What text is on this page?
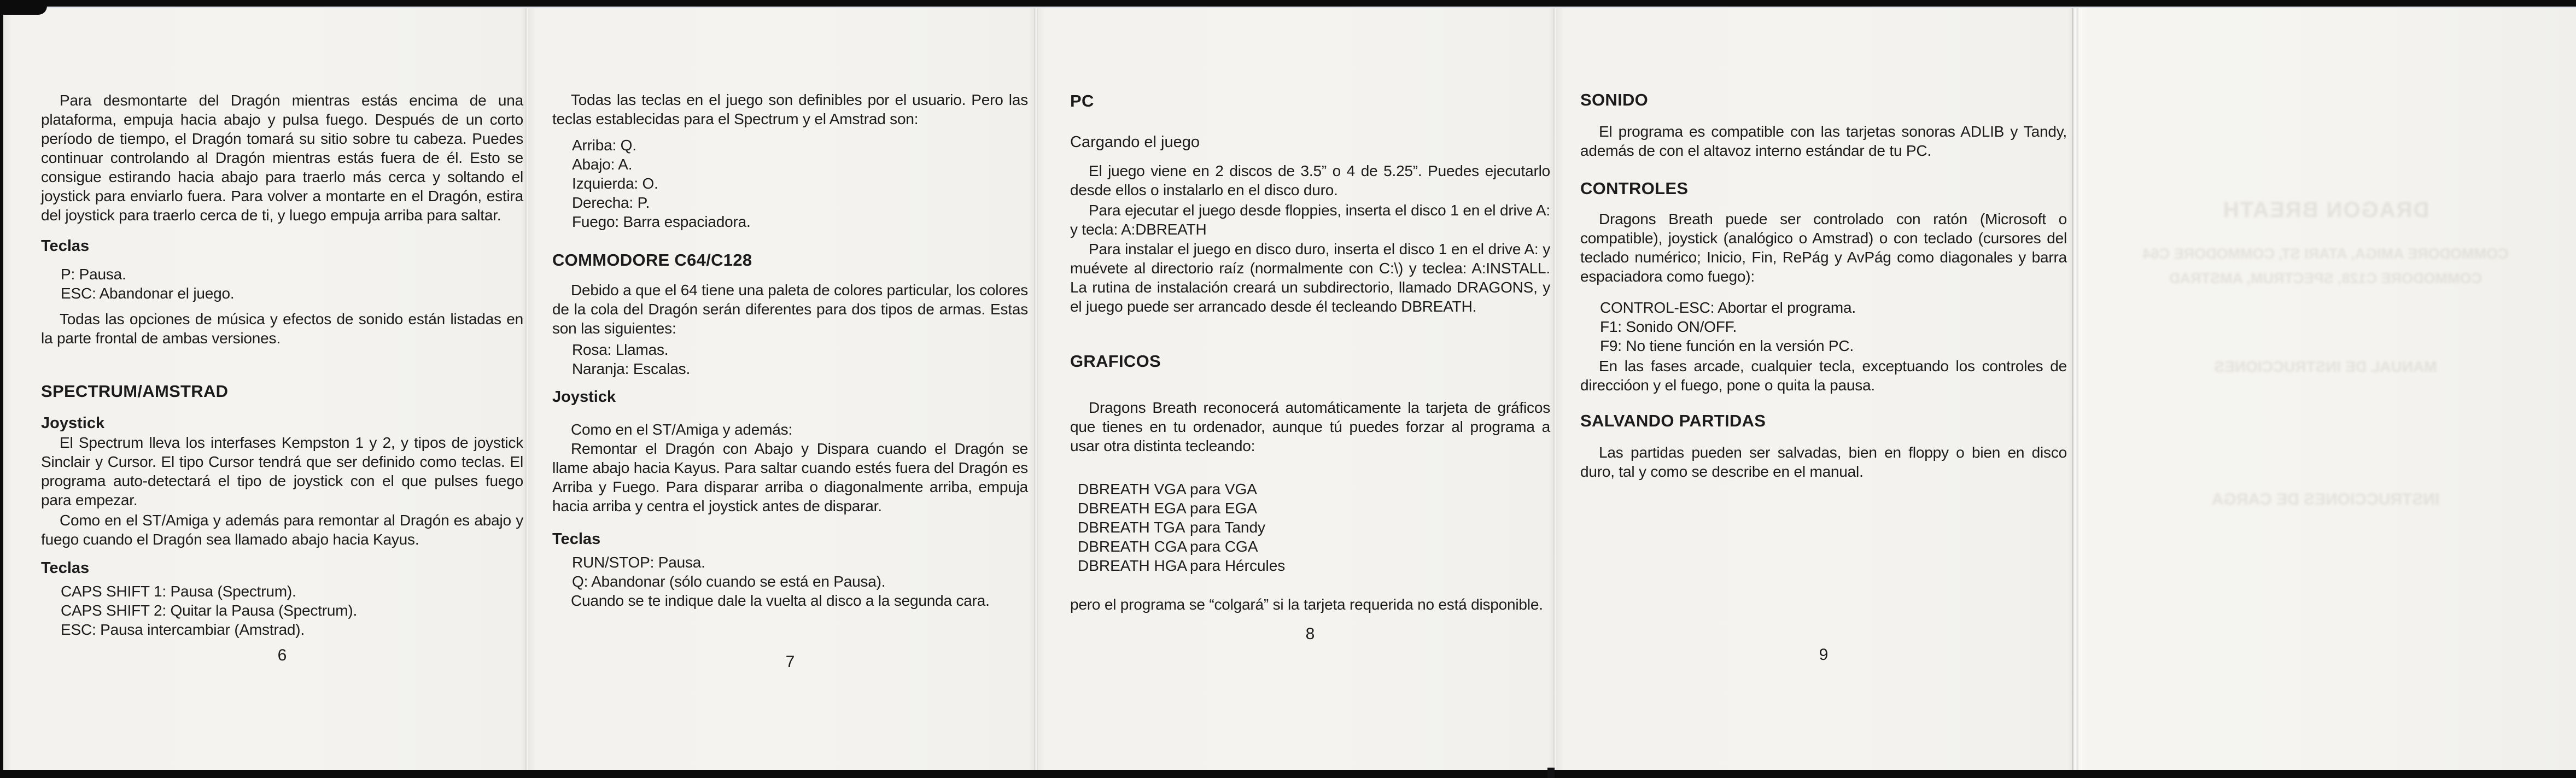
Para desmontarte del Dragón mientras estás encima de una plataforma, empuja hacia abajo y pulsa fuego. Después de un corto período de tiempo, el Dragón tomará su sitio sobre tu cabeza. Puedes continuar controlando al Dragón mientras estás fuera de él. Esto se consigue estirando hacia abajo para traerlo más cerca y soltando el joystick para enviarlo fuera. Para volver a montarte en el Dragón, estira del joystick para traerlo cerca de ti, y luego empuja arriba para saltar.

Teclas
P: Pausa.
ESC: Abandonar el juego.

Todas las opciones de música y efectos de sonido están listadas en la parte frontal de ambas versiones.

SPECTRUM/AMSTRAD
Joystick

El Spectrum lleva los interfases Kempston 1 y 2, y tipos de joystick Sinclair y Cursor. El tipo Cursor tendrá que ser definido como teclas. El programa auto-detectará el tipo de joystick con el que pulses fuego para empezar.

Como en el ST/Amiga y además para remontar al Dragón es abajo y fuego cuando el Dragón sea llamado abajo hacia Kayus.

Teclas
CAPS SHIFT 1: Pausa (Spectrum).
CAPS SHIFT 2: Quitar la Pausa (Spectrum).
ESC: Pausa intercambiar (Amstrad).
6

Todas las teclas en el juego son definibles por el usuario. Pero las teclas establecidas para el Spectrum y el Amstrad son:

Arriba: Q.
Abajo: A.
Izquierda: O.
Derecha: P.
Fuego: Barra espaciadora.
COMMODORE C64/C128

Debido a que el 64 tiene una paleta de colores particular, los colores de la cola del Dragón serán diferentes para dos tipos de armas. Estas son las siguientes:

Rosa: Llamas.
Naranja: Escalas.
Joystick

Como en el ST/Amiga y además:

Remontar el Dragón con Abajo y Dispara cuando el Dragón se llame abajo hacia Kayus. Para saltar cuando estés fuera del Dragón es Arriba y Fuego. Para disparar arriba o diagonalmente arriba, empuja hacia arriba y centra el joystick antes de disparar.

Teclas
RUN/STOP: Pausa.
Q: Abandonar (sólo cuando se está en Pausa).

Cuando se te indique dale la vuelta al disco a la segunda cara.

7
PC
Cargando el juego

El juego viene en 2 discos de 3.5” o 4 de 5.25”. Puedes ejecutarlo desde ellos o instalarlo en el disco duro.

Para ejecutar el juego desde floppies, inserta el disco 1 en el drive A: y tecla: A:DBREATH

Para instalar el juego en disco duro, inserta el disco 1 en el drive A: y muévete al directorio raíz (normalmente con C:\) y teclea: A:INSTALL. La rutina de instalación creará un subdirectorio, llamado DRAGONS, y el juego puede ser arrancado desde él tecleando DBREATH.

GRAFICOS

Dragons Breath reconocerá automáticamente la tarjeta de gráficos que tienes en tu ordenador, aunque tú puedes forzar al programa a usar otra distinta tecleando:

DBREATH VGA para VGA
DBREATH EGA para EGA
DBREATH TGA para Tandy
DBREATH CGA para CGA
DBREATH HGA para Hércules

pero el programa se “colgará” si la tarjeta requerida no está disponible.

8
SONIDO

El programa es compatible con las tarjetas sonoras ADLIB y Tandy, además de con el altavoz interno estándar de tu PC.

CONTROLES

Dragons Breath puede ser controlado con ratón (Microsoft o compatible), joystick (analógico o Amstrad) o con teclado (cursores del teclado numérico; Inicio, Fin, RePág y AvPág como diagonales y barra espaciadora como fuego):

CONTROL-ESC: Abortar el programa.
F1: Sonido ON/OFF.
F9: No tiene función en la versión PC.

En las fases arcade, cualquier tecla, exceptuando los controles de direccióon y el fuego, pone o quita la pausa.

SALVANDO PARTIDAS

Las partidas pueden ser salvadas, bien en floppy o bien en disco duro, tal y como se describe en el manual.

9
DRAGON BREATH
COMMODORE AMIGA, ATARI ST, COMMODORE C64
COMMODORE C128, SPECTRUM, AMSTRAD
MANUAL DE INSTRUCCIONES
INSTRUCCIONES DE CARGA
